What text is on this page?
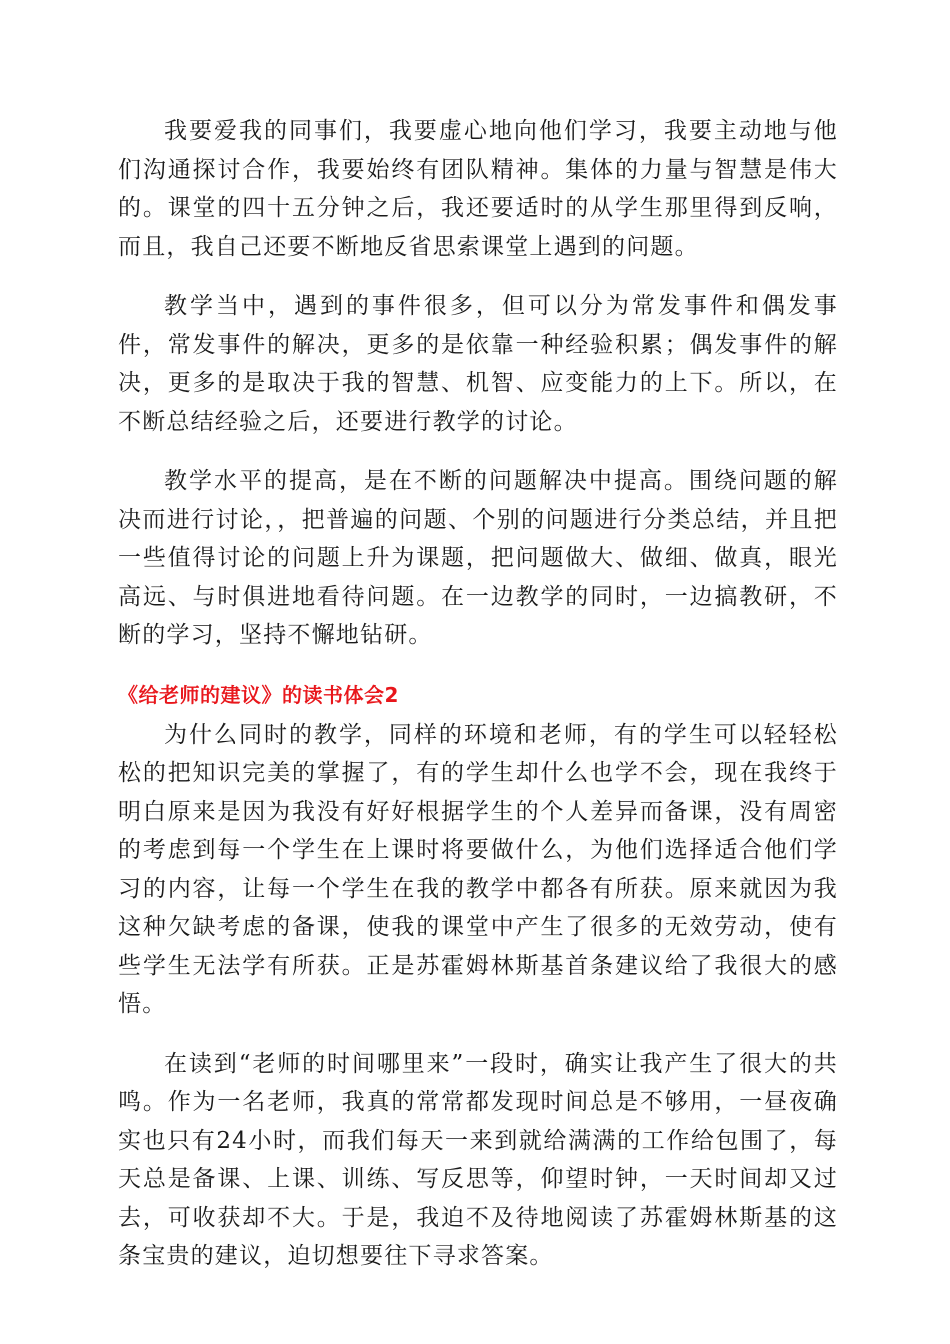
我要爱我的同事们，我要虚心地向他们学习，我要主动地与他们沟通探讨合作，我要始终有团队精神。集体的力量与智慧是伟大的。课堂的四十五分钟之后，我还要适时的从学生那里得到反响，而且，我自己还要不断地反省思索课堂上遇到的问题。

教学当中，遇到的事件很多，但可以分为常发事件和偶发事件，常发事件的解决，更多的是依靠一种经验积累；偶发事件的解决，更多的是取决于我的智慧、机智、应变能力的上下。所以，在不断总结经验之后，还要进行教学的讨论。

教学水平的提高，是在不断的问题解决中提高。围绕问题的解决而进行讨论，，把普遍的问题、个别的问题进行分类总结，并且把一些值得讨论的问题上升为课题，把问题做大、做细、做真，眼光高远、与时俱进地看待问题。在一边教学的同时，一边搞教研，不断的学习，坚持不懈地钻研。

《给老师的建议》的读书体会2

为什么同时的教学，同样的环境和老师，有的学生可以轻轻松松的把知识完美的掌握了，有的学生却什么也学不会，现在我终于明白原来是因为我没有好好根据学生的个人差异而备课，没有周密的考虑到每一个学生在上课时将要做什么，为他们选择适合他们学习的内容，让每一个学生在我的教学中都各有所获。原来就因为我这种欠缺考虑的备课，使我的课堂中产生了很多的无效劳动，使有些学生无法学有所获。正是苏霍姆林斯基首条建议给了我很大的感悟。

在读到“老师的时间哪里来”一段时，确实让我产生了很大的共鸣。作为一名老师，我真的常常都发现时间总是不够用，一昼夜确实也只有24小时，而我们每天一来到就给满满的工作给包围了，每天总是备课、上课、训练、写反思等，仰望时钟，一天时间却又过去，可收获却不大。于是，我迫不及待地阅读了苏霍姆林斯基的这条宝贵的建议，迫切想要往下寻求答案。
